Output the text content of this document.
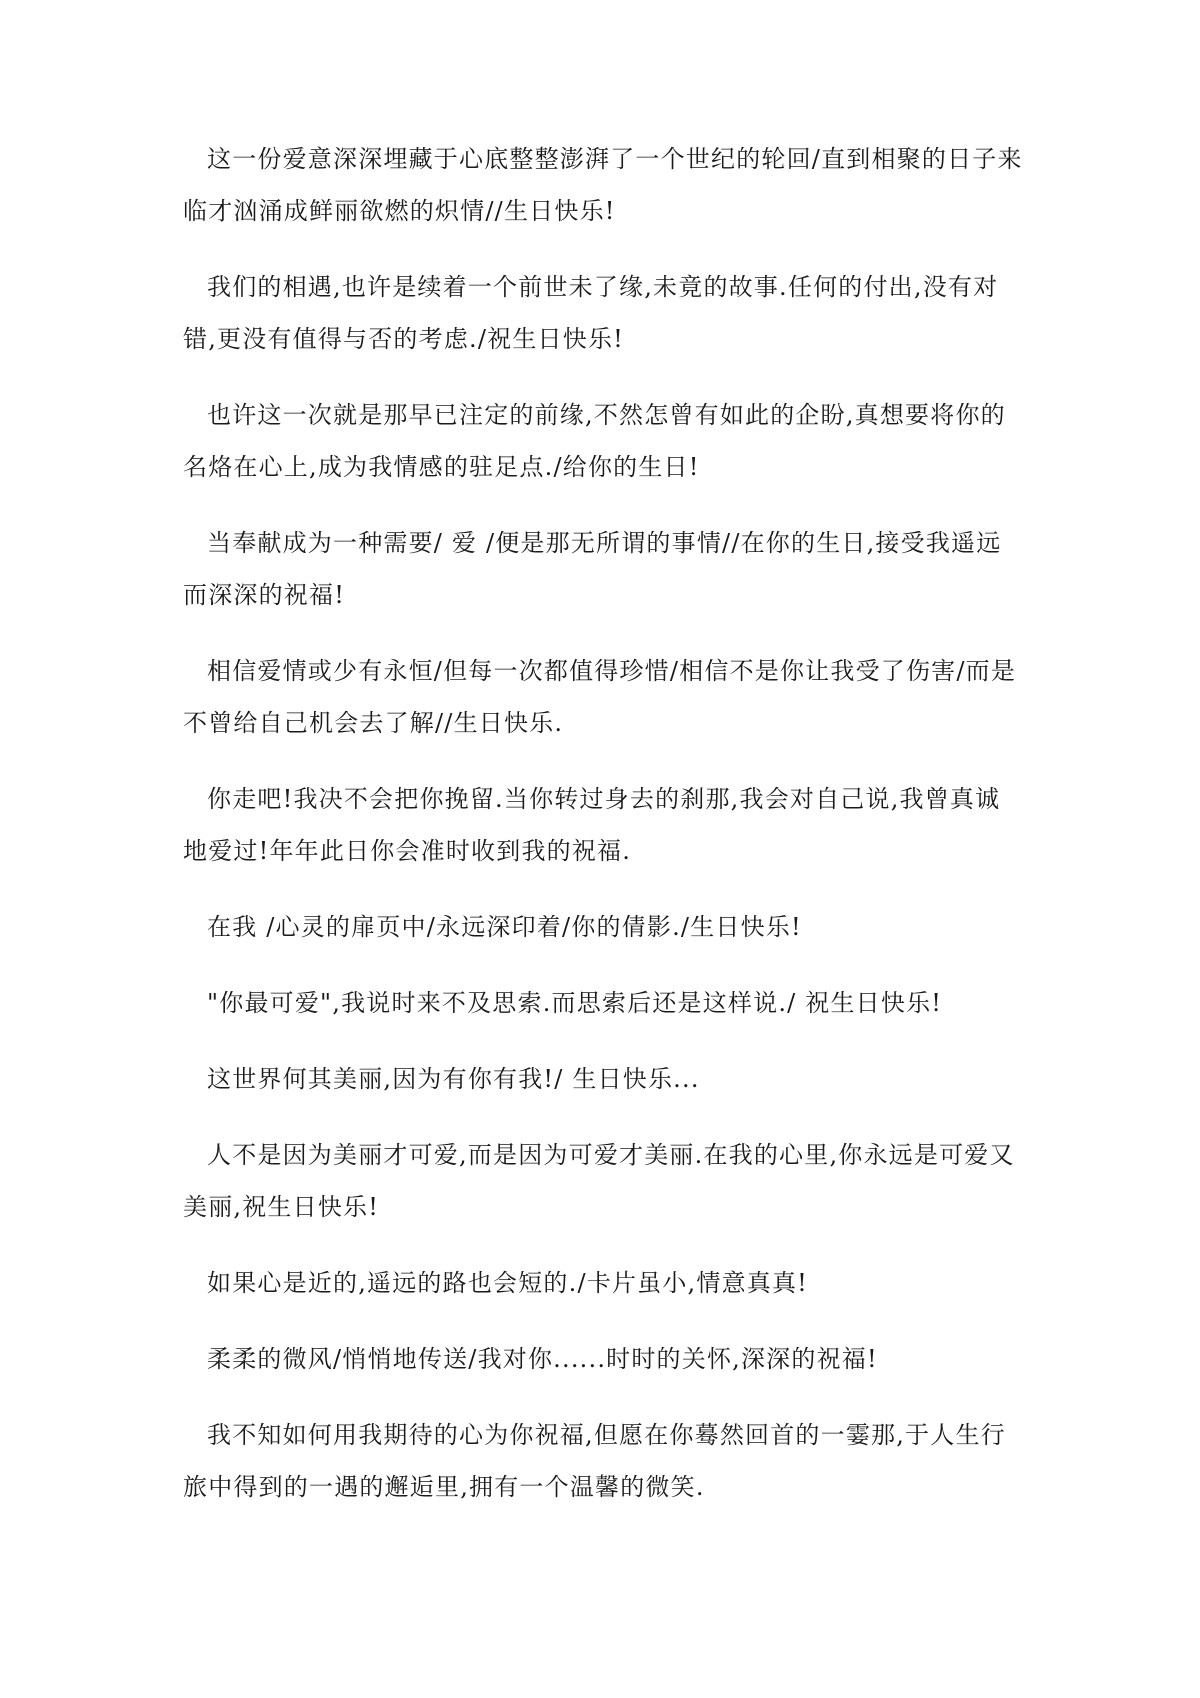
这一份爱意深深埋藏于心底整整澎湃了一个世纪的轮回/直到相聚的日子来临才汹涌成鲜丽欲燃的炽情//生日快乐!

我们的相遇,也许是续着一个前世未了缘,未竟的故事.任何的付出,没有对错,更没有值得与否的考虑./祝生日快乐!

也许这一次就是那早已注定的前缘,不然怎曾有如此的企盼,真想要将你的名烙在心上,成为我情感的驻足点./给你的生日!

当奉献成为一种需要/ 爱 /便是那无所谓的事情//在你的生日,接受我遥远而深深的祝福!

相信爱情或少有永恒/但每一次都值得珍惜/相信不是你让我受了伤害/而是不曾给自己机会去了解//生日快乐.

你走吧!我决不会把你挽留.当你转过身去的刹那,我会对自己说,我曾真诚地爱过!年年此日你会准时收到我的祝福.

在我 /心灵的扉页中/永远深印着/你的倩影./生日快乐!

"你最可爱",我说时来不及思索.而思索后还是这样说./ 祝生日快乐!

这世界何其美丽,因为有你有我!/ 生日快乐...

人不是因为美丽才可爱,而是因为可爱才美丽.在我的心里,你永远是可爱又美丽,祝生日快乐!

如果心是近的,遥远的路也会短的./卡片虽小,情意真真!

柔柔的微风/悄悄地传送/我对你......时时的关怀,深深的祝福!

我不知如何用我期待的心为你祝福,但愿在你蓦然回首的一霎那,于人生行旅中得到的一遇的邂逅里,拥有一个温馨的微笑.
